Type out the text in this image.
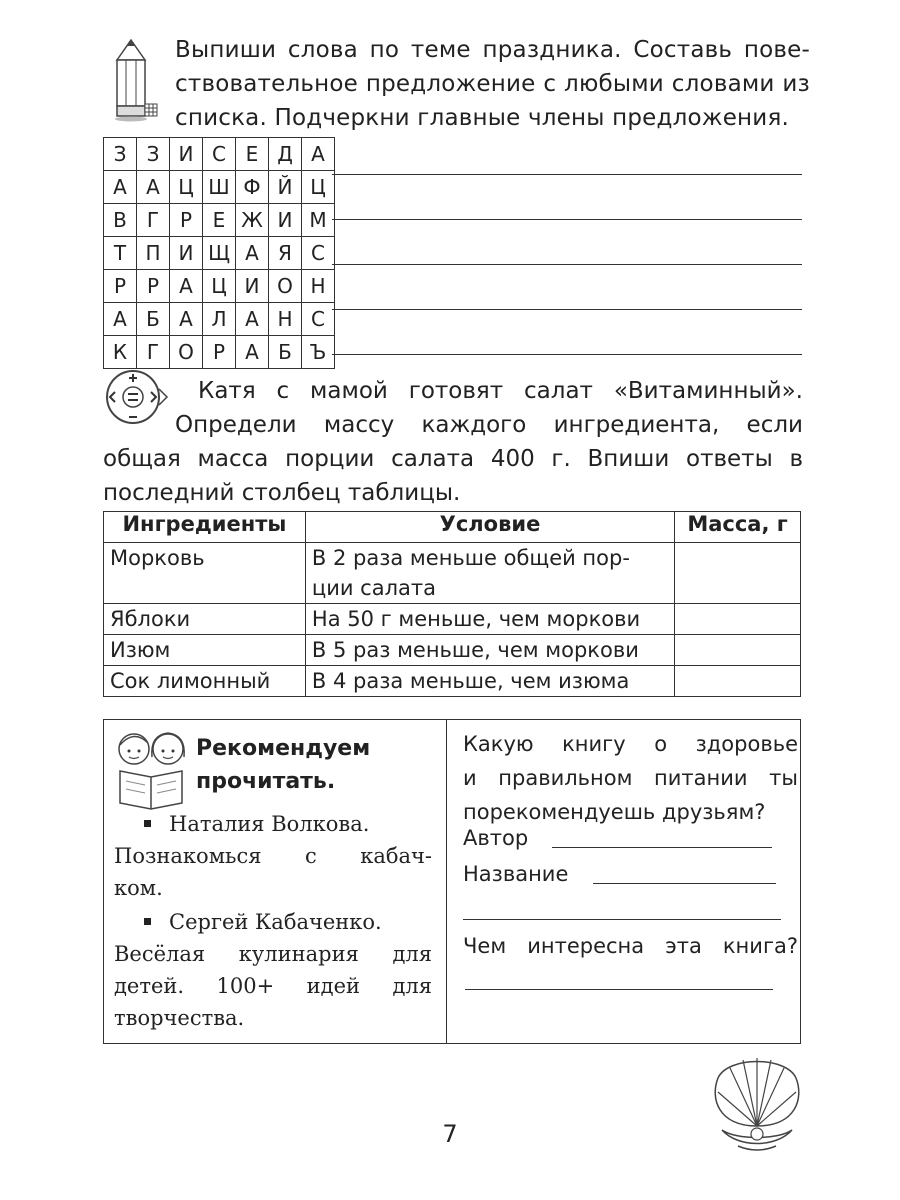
Выпиши слова по теме праздника. Составь пове-
ствовательное предложение с любыми словами из
списка. Подчеркни главные члены предложения.
З	З	И	С	Е	Д	А
А	А	Ц	Ш	Ф	Й	Ц
В	Г	Р	Е	Ж	И	М
Т	П	И	Щ	А	Я	С
Р	Р	А	Ц	И	О	Н
А	Б	А	Л	А	Н	С
К	Г	О	Р	А	Б	Ъ
Катя с мамой готовят салат «Витаминный».
Определи массу каждого ингредиента, если
общая масса порции салата 400 г. Впиши ответы в
последний столбец таблицы.
Ингредиенты	Условие	Масса, г
Морковь	В 2 раза меньше общей пор-
ции салата	

Яблоки	На 50 г меньше, чем моркови	
Изюм	В 5 раз меньше, чем моркови	
Сок лимонный	В 4 раза меньше, чем изюма	
Рекомендуем
прочитать.

Наталия Волкова.
Познакомься с кабач-
ком.

Сергей Кабаченко.
Весёлая кулинария для
детей. 100+ идей для
творчества.

Какую книгу о здоровье
и правильном питании ты
порекомендуешь друзьям?
Автор
Название
Чем интересна эта книга?
7
